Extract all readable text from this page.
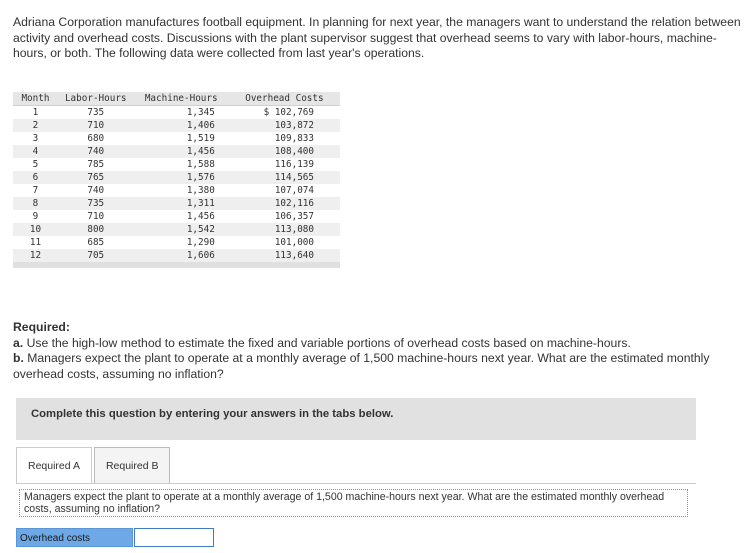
Adriana Corporation manufactures football equipment. In planning for next year, the managers want to understand the relation between activity and overhead costs. Discussions with the plant supervisor suggest that overhead seems to vary with labor-hours, machine-hours, or both. The following data were collected from last year's operations.
Month	Labor-Hours	Machine-Hours	Overhead Costs
1	735	1,345	$ 102,769
2	710	1,406	103,872
3	680	1,519	109,833
4	740	1,456	108,400
5	785	1,588	116,139
6	765	1,576	114,565
7	740	1,380	107,074
8	735	1,311	102,116
9	710	1,456	106,357
10	800	1,542	113,080
11	685	1,290	101,000
12	705	1,606	113,640
Required:
a. Use the high-low method to estimate the fixed and variable portions of overhead costs based on machine-hours.
b. Managers expect the plant to operate at a monthly average of 1,500 machine-hours next year. What are the estimated monthly overhead costs, assuming no inflation?
Complete this question by entering your answers in the tabs below.
Required A	Required B
Managers expect the plant to operate at a monthly average of 1,500 machine-hours next year. What are the estimated monthly overhead costs, assuming no inflation?
Overhead costs
